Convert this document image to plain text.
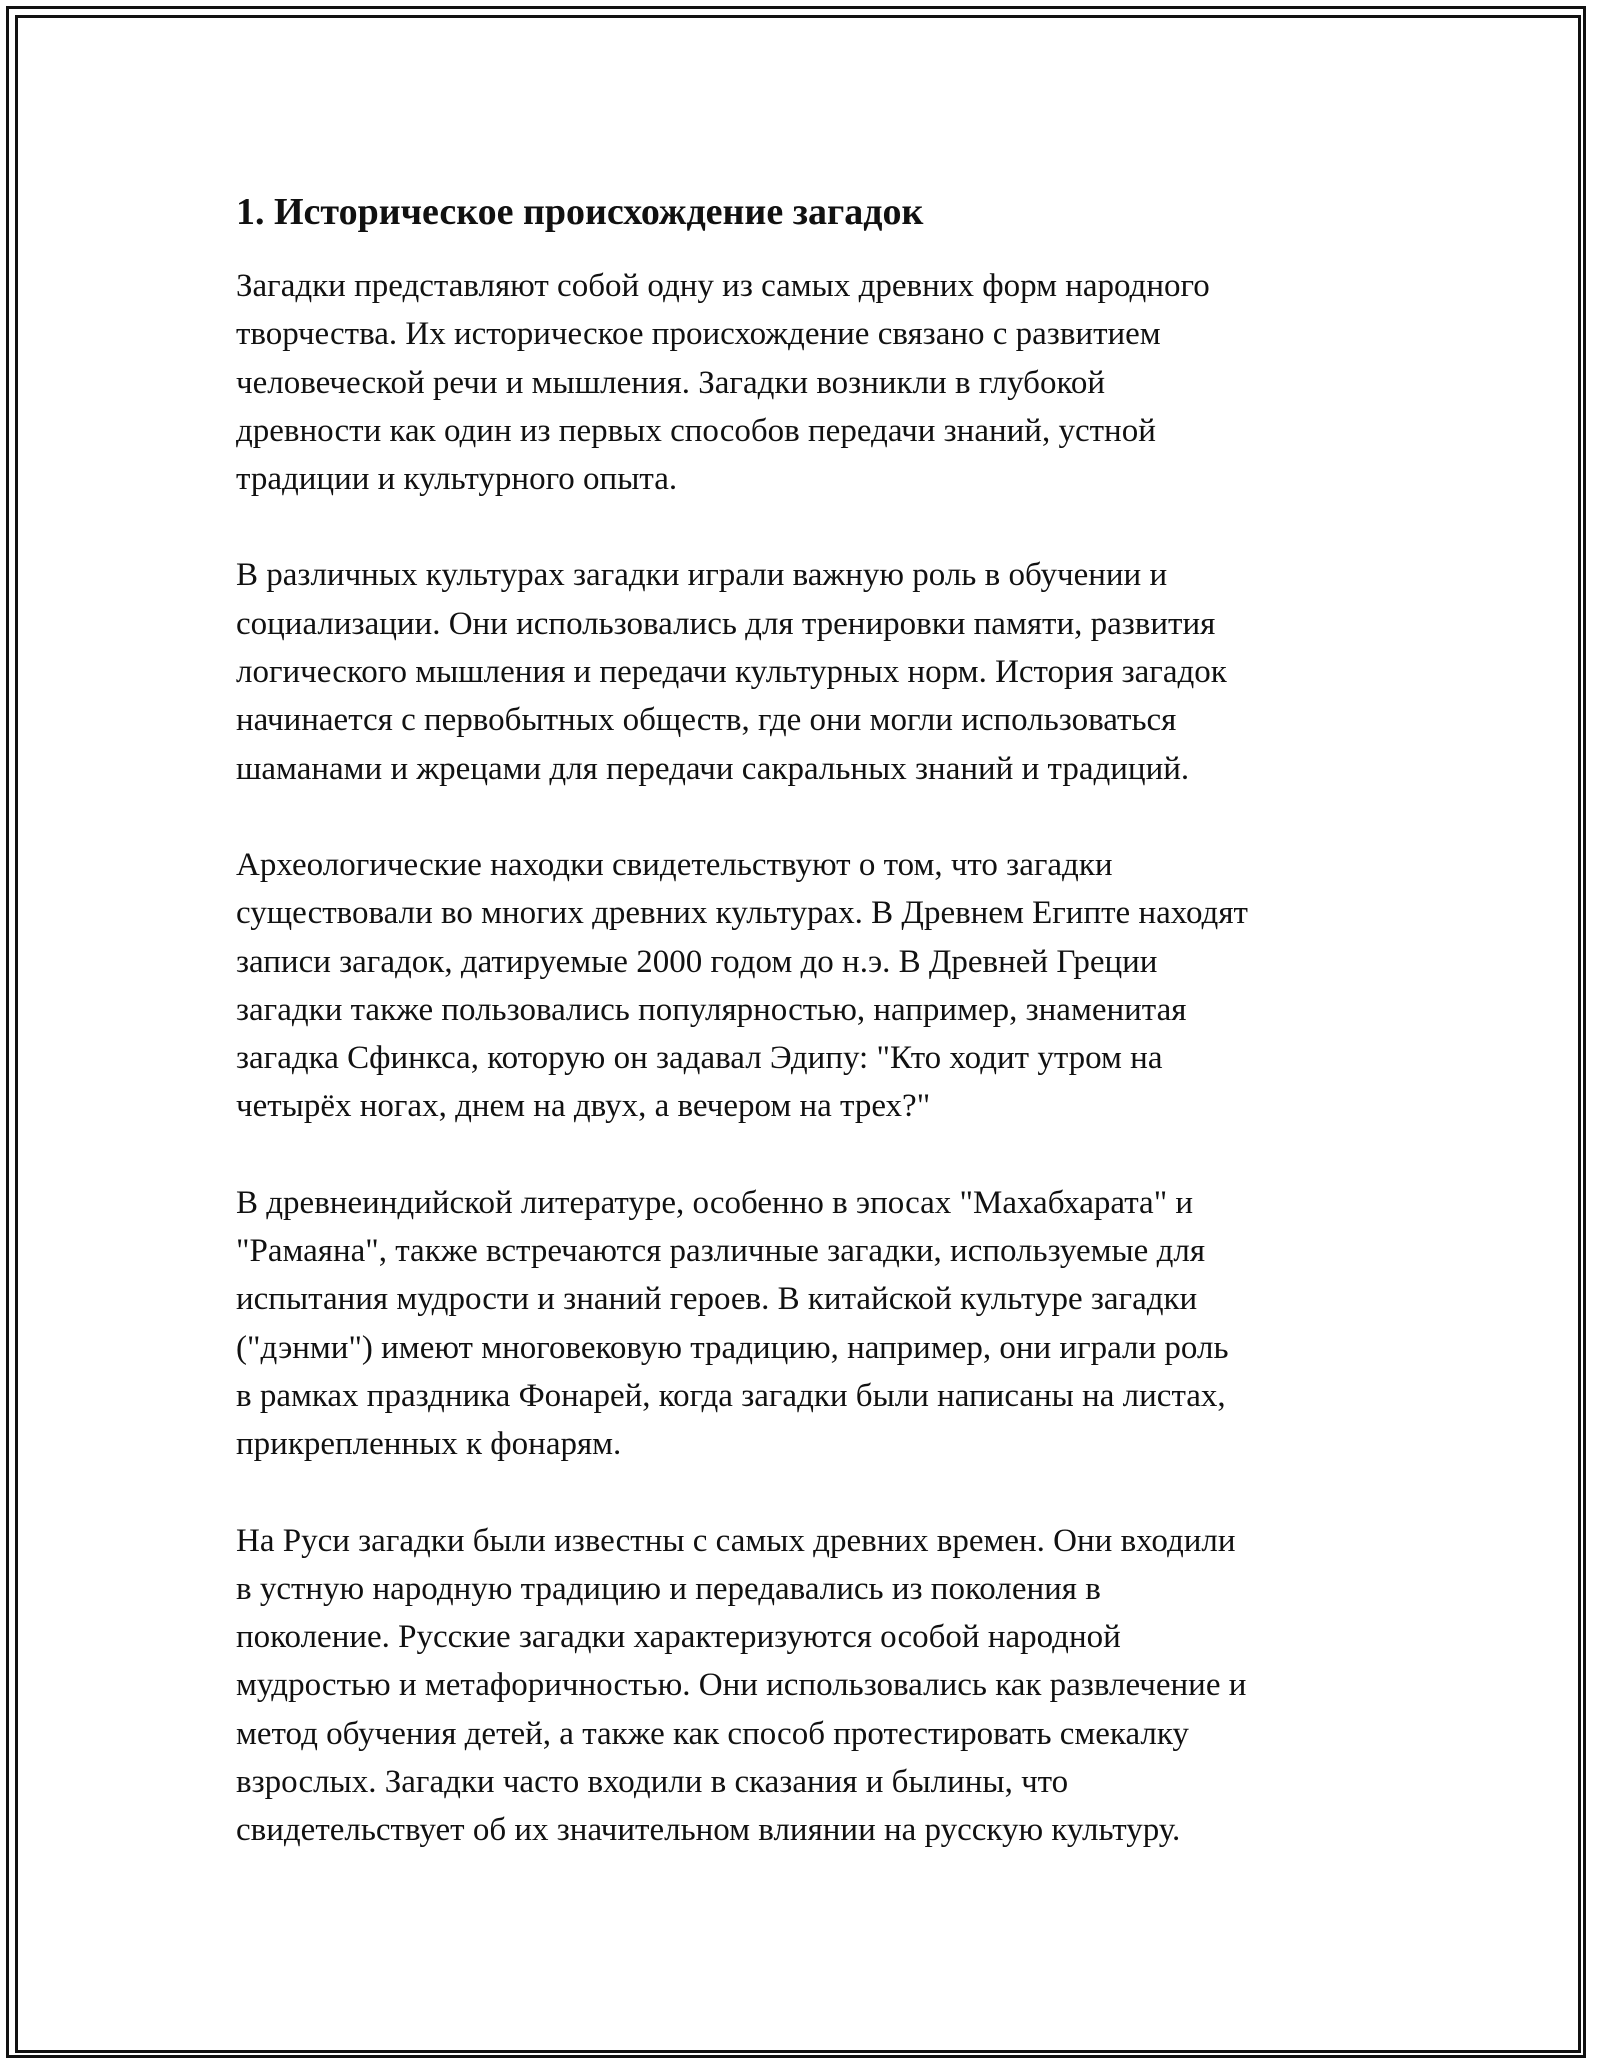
1. Историческое происхождение загадок

Загадки представляют собой одну из самых древних форм народного
творчества. Их историческое происхождение связано с развитием
человеческой речи и мышления. Загадки возникли в глубокой
древности как один из первых способов передачи знаний, устной
традиции и культурного опыта.

В различных культурах загадки играли важную роль в обучении и
социализации. Они использовались для тренировки памяти, развития
логического мышления и передачи культурных норм. История загадок
начинается с первобытных обществ, где они могли использоваться
шаманами и жрецами для передачи сакральных знаний и традиций.

Археологические находки свидетельствуют о том, что загадки
существовали во многих древних культурах. В Древнем Египте находят
записи загадок, датируемые 2000 годом до н.э. В Древней Греции
загадки также пользовались популярностью, например, знаменитая
загадка Сфинкса, которую он задавал Эдипу: "Кто ходит утром на
четырёх ногах, днем на двух, а вечером на трех?"

В древнеиндийской литературе, особенно в эпосах "Махабхарата" и
"Рамаяна", также встречаются различные загадки, используемые для
испытания мудрости и знаний героев. В китайской культуре загадки
("дэнми") имеют многовековую традицию, например, они играли роль
в рамках праздника Фонарей, когда загадки были написаны на листах,
прикрепленных к фонарям.

На Руси загадки были известны с самых древних времен. Они входили
в устную народную традицию и передавались из поколения в
поколение. Русские загадки характеризуются особой народной
мудростью и метафоричностью. Они использовались как развлечение и
метод обучения детей, а также как способ протестировать смекалку
взрослых. Загадки часто входили в сказания и былины, что
свидетельствует об их значительном влиянии на русскую культуру.
